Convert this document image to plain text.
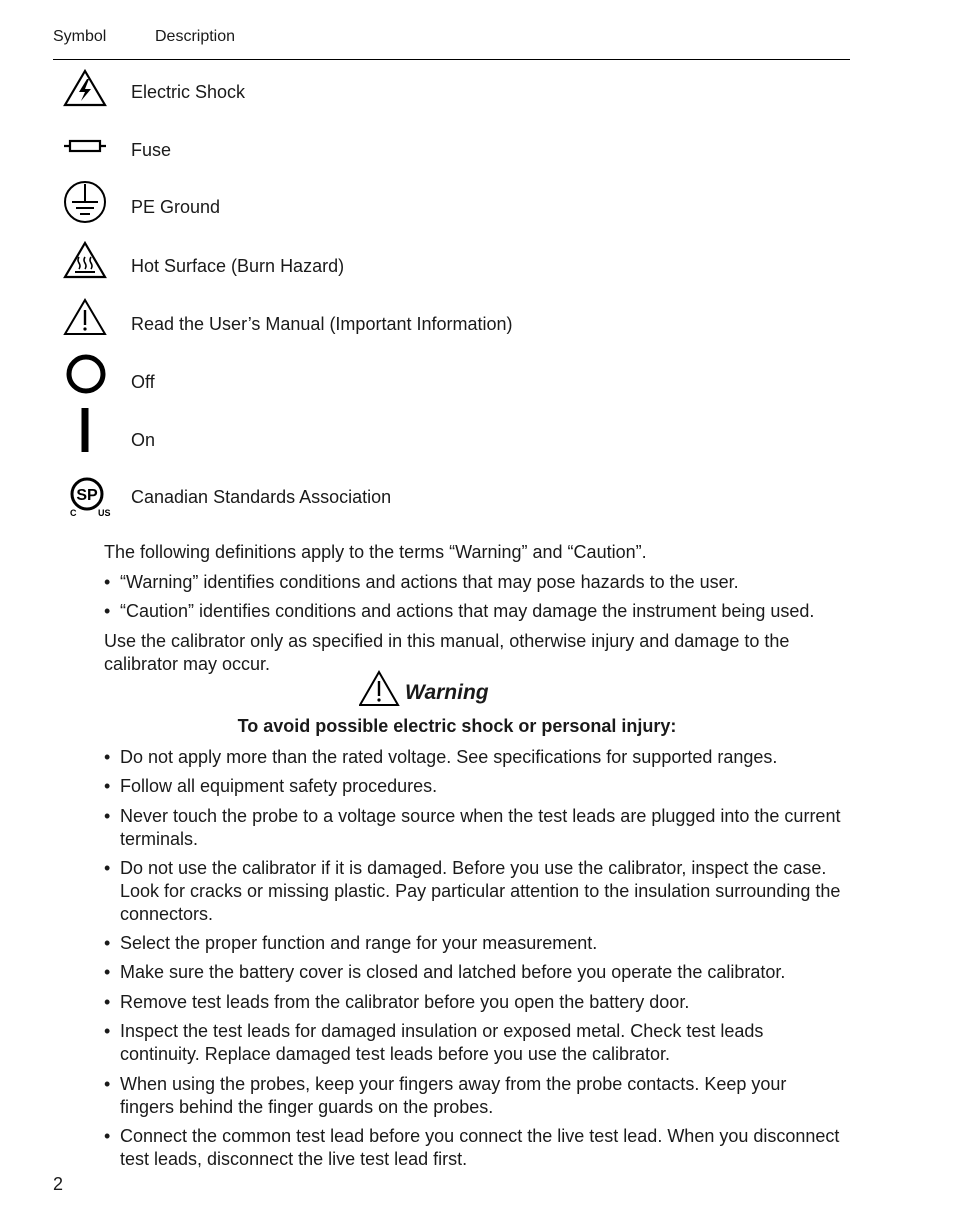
Symbol	Description
Electric Shock
Fuse
PE Ground
Hot Surface (Burn Hazard)
Read the User’s Manual (Important Information)
Off
On
SP
C US
Canadian Standards Association
The following definitions apply to the terms “Warning” and “Caution”.
• “Warning” identifies conditions and actions that may pose hazards to the user.
• “Caution” identifies conditions and actions that may damage the instrument being used.
Use the calibrator only as specified in this manual, otherwise injury and damage to the calibrator may occur.
Warning
To avoid possible electric shock or personal injury:
• Do not apply more than the rated voltage. See specifications for supported ranges.
• Follow all equipment safety procedures.
• Never touch the probe to a voltage source when the test leads are plugged into the current terminals.
• Do not use the calibrator if it is damaged. Before you use the calibrator, inspect the case. Look for cracks or missing plastic. Pay particular attention to the insulation surrounding the connectors.
• Select the proper function and range for your measurement.
• Make sure the battery cover is closed and latched before you operate the calibrator.
• Remove test leads from the calibrator before you open the battery door.
• Inspect the test leads for damaged insulation or exposed metal. Check test leads continuity. Replace damaged test leads before you use the calibrator.
• When using the probes, keep your fingers away from the probe contacts. Keep your fingers behind the finger guards on the probes.
• Connect the common test lead before you connect the live test lead. When you disconnect test leads, disconnect the live test lead first.
2
